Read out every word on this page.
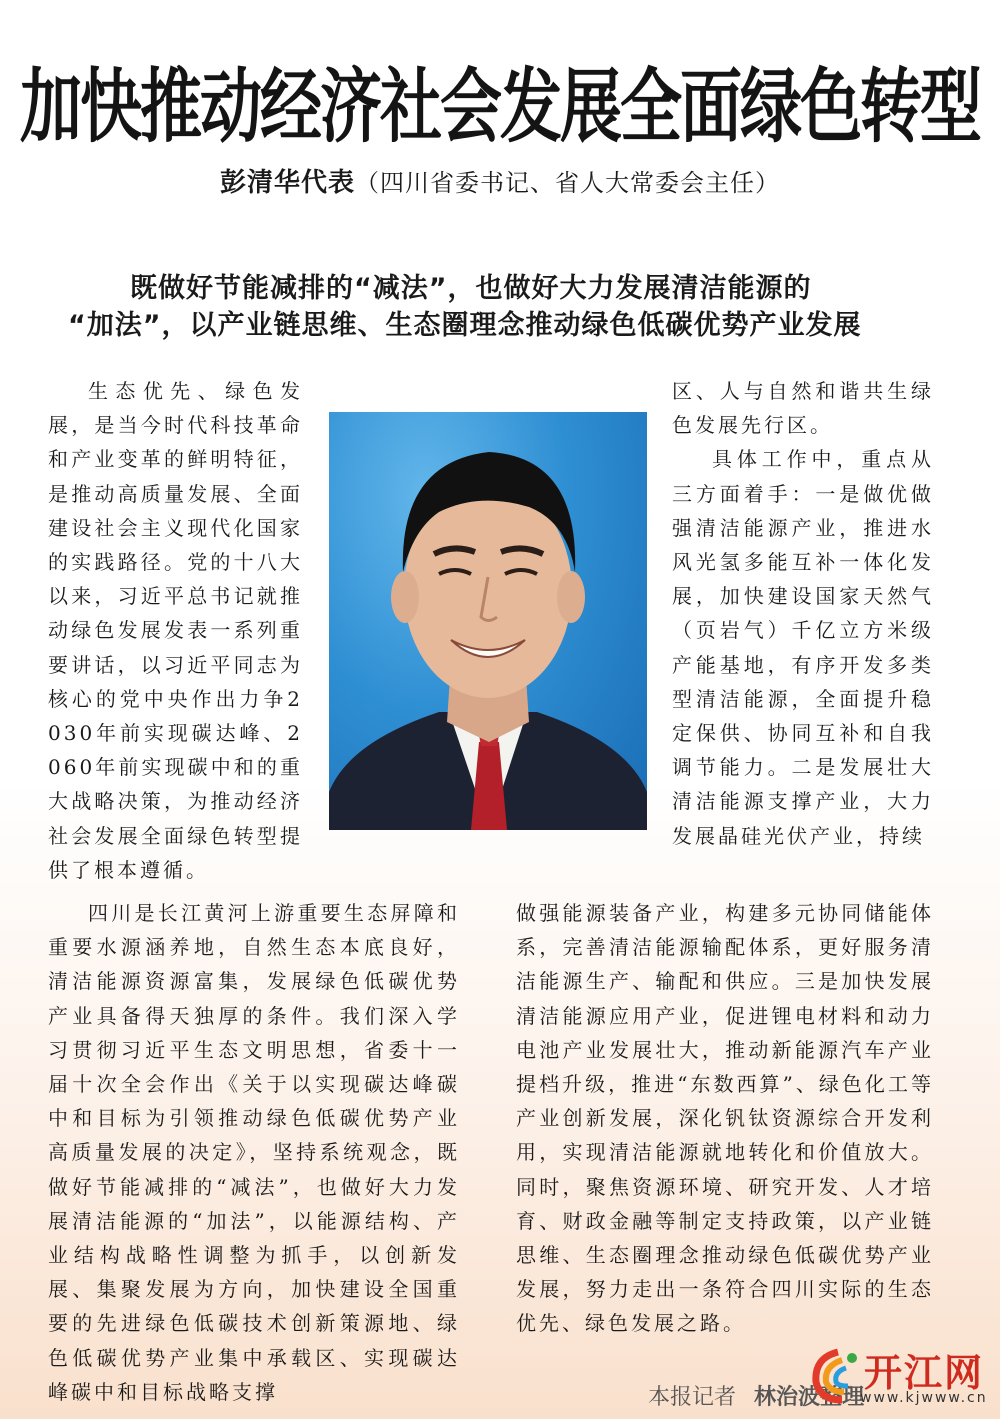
加快推动经济社会发展全面绿色转型
彭清华代表（四川省委书记、省人大常委会主任）
既做好节能减排的“减法”，也做好大力发展清洁能源的
“加法”，以产业链思维、生态圈理念推动绿色低碳优势产业发展

生态优先、绿色发展，是当今时代科技革命和产业变革的鲜明特征，是推动高质量发展、全面建设社会主义现代化国家的实践路径。党的十八大以来，习近平总书记就推动绿色发展发表一系列重要讲话，以习近平同志为核心的党中央作出力争2030年前实现碳达峰、2060年前实现碳中和的重大战略决策，为推动经济社会发展全面绿色转型提供了根本遵循。

区、人与自然和谐共生绿色发展先行区。

具体工作中，重点从三方面着手：一是做优做强清洁能源产业，推进水风光氢多能互补一体化发展，加快建设国家天然气（页岩气）千亿立方米级产能基地，有序开发多类型清洁能源，全面提升稳定保供、协同互补和自我调节能力。二是发展壮大清洁能源支撑产业，大力发展晶硅光伏产业，持续

四川是长江黄河上游重要生态屏障和重要水源涵养地，自然生态本底良好，清洁能源资源富集，发展绿色低碳优势产业具备得天独厚的条件。我们深入学习贯彻习近平生态文明思想，省委十一届十次全会作出《关于以实现碳达峰碳中和目标为引领推动绿色低碳优势产业高质量发展的决定》，坚持系统观念，既做好节能减排的“减法”，也做好大力发展清洁能源的“加法”，以能源结构、产业结构战略性调整为抓手，以创新发展、集聚发展为方向，加快建设全国重要的先进绿色低碳技术创新策源地、绿色低碳优势产业集中承载区、实现碳达峰碳中和目标战略支撑

做强能源装备产业，构建多元协同储能体系，完善清洁能源输配体系，更好服务清洁能源生产、输配和供应。三是加快发展清洁能源应用产业，促进锂电材料和动力电池产业发展壮大，推动新能源汽车产业提档升级，推进“东数西算”、绿色化工等产业创新发展，深化钒钛资源综合开发利用，实现清洁能源就地转化和价值放大。同时，聚焦资源环境、研究开发、人才培育、财政金融等制定支持政策，以产业链思维、生态圈理念推动绿色低碳优势产业发展，努力走出一条符合四川实际的生态优先、绿色发展之路。

本报记者 林治波整理
开江网
www.kjwww.cn
